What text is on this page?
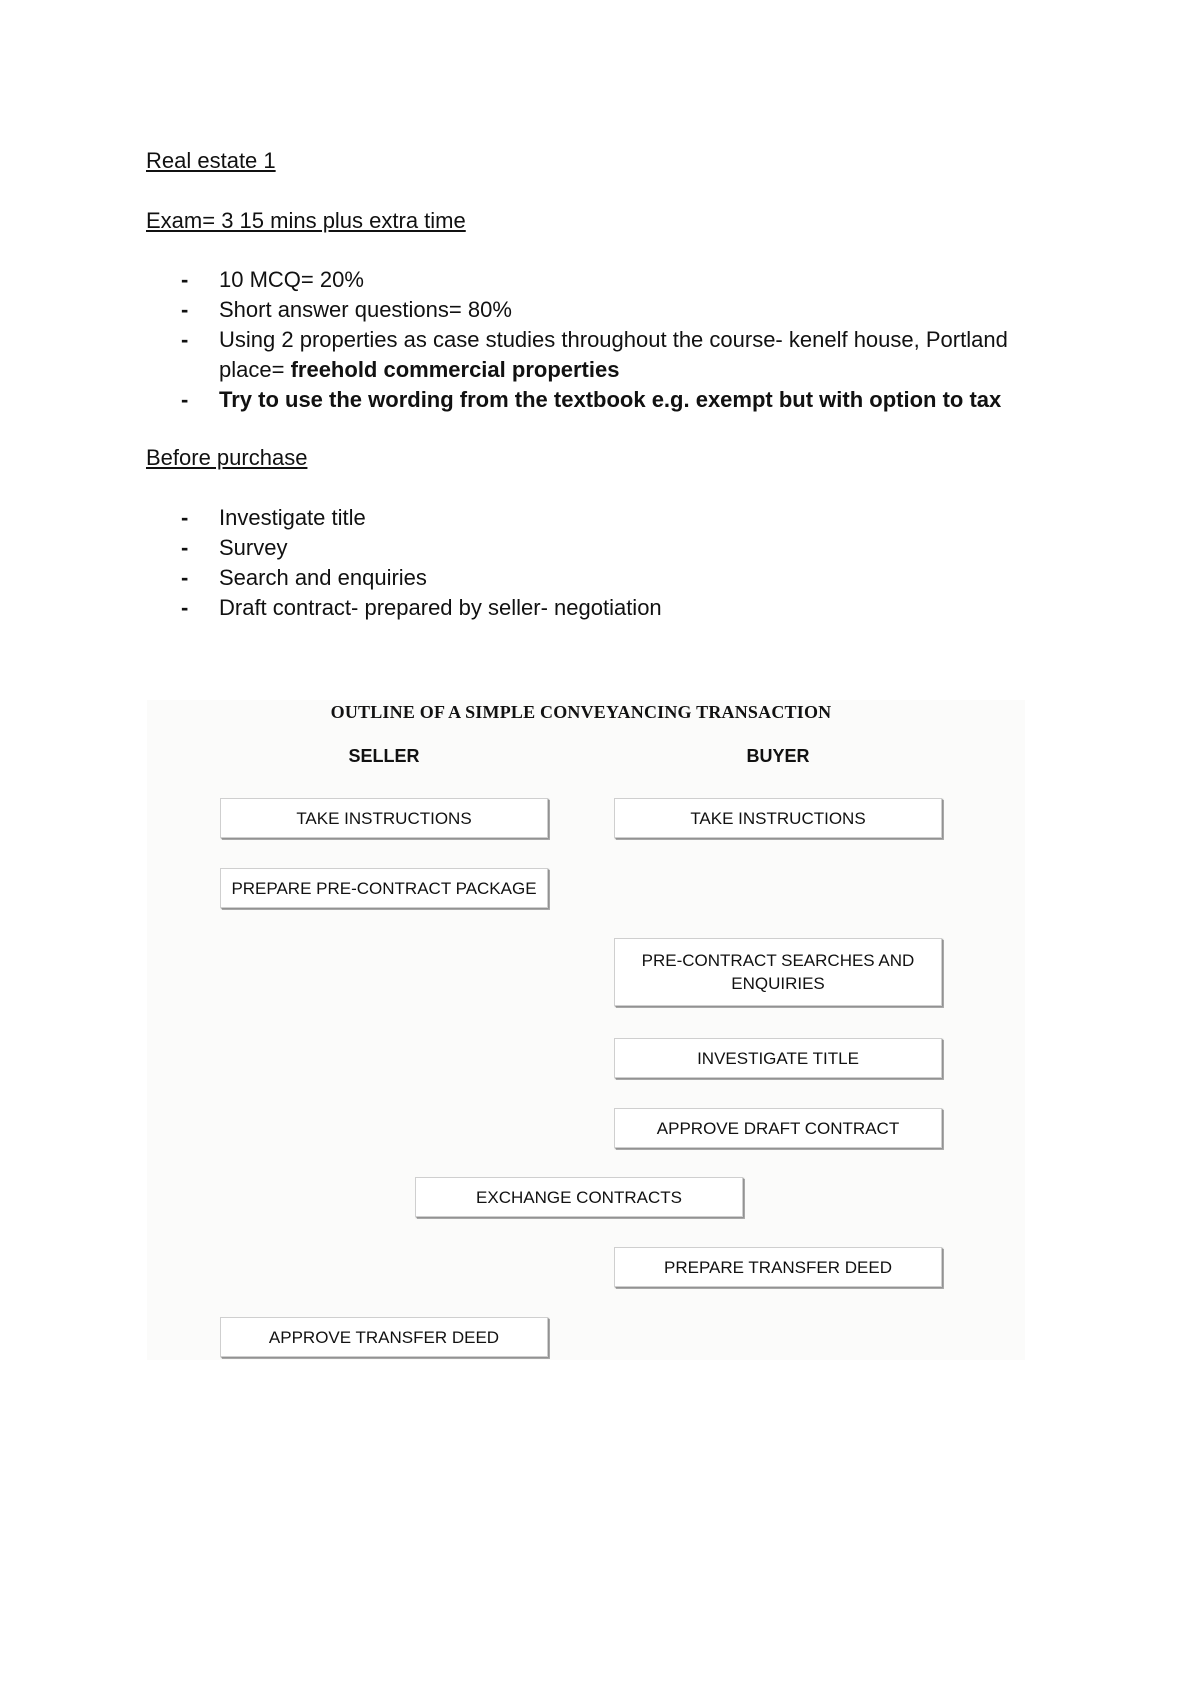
Real estate 1
Exam= 3 15 mins plus extra time
- 10 MCQ= 20%
- Short answer questions= 80%
- Using 2 properties as case studies throughout the course- kenelf house, Portland place= freehold commercial properties
- Try to use the wording from the textbook e.g. exempt but with option to tax
Before purchase
- Investigate title
- Survey
- Search and enquiries
- Draft contract- prepared by seller- negotiation
OUTLINE OF A SIMPLE CONVEYANCING TRANSACTION
SELLER	BUYER
TAKE INSTRUCTIONS	TAKE INSTRUCTIONS
PREPARE PRE-CONTRACT PACKAGE
PRE-CONTRACT SEARCHES AND ENQUIRIES
INVESTIGATE TITLE
APPROVE DRAFT CONTRACT
EXCHANGE CONTRACTS
PREPARE TRANSFER DEED
APPROVE TRANSFER DEED
